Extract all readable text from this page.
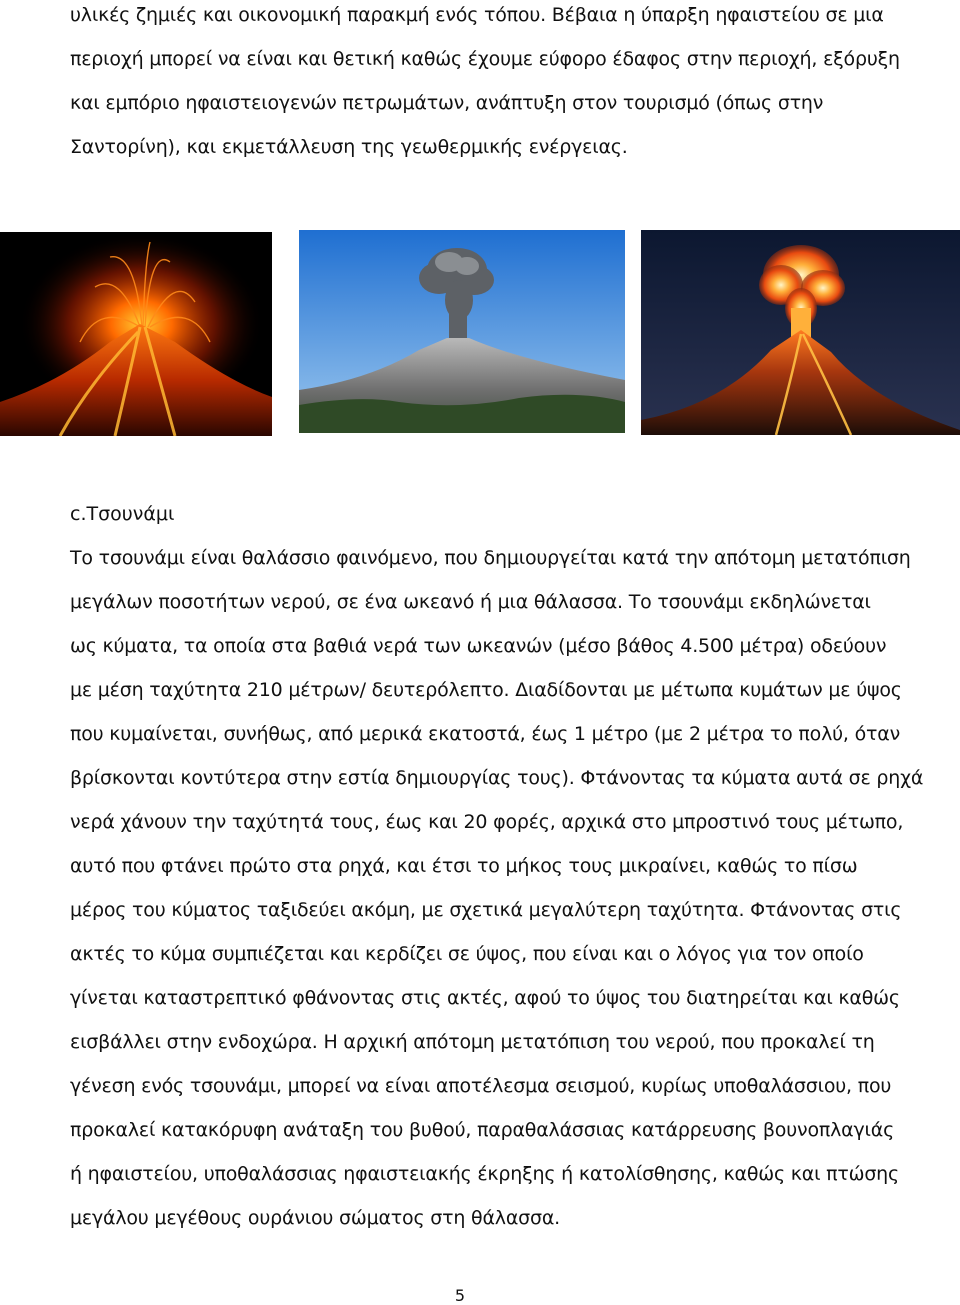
υλικές ζημιές και οικονομική παρακμή ενός τόπου. Βέβαια η ύπαρξη ηφαιστείου σε μια
περιοχή μπορεί να είναι και θετική καθώς έχουμε εύφορο έδαφος στην περιοχή, εξόρυξη
και εμπόριο ηφαιστειογενών πετρωμάτων, ανάπτυξη στον τουρισμό (όπως στην
Σαντορίνη), και εκμετάλλευση της γεωθερμικής ενέργειας.
c.Τσουνάμι
Το τσουνάμι είναι θαλάσσιο φαινόμενο, που δημιουργείται κατά την απότομη μετατόπιση
μεγάλων ποσοτήτων νερού, σε ένα ωκεανό ή μια θάλασσα. Το τσουνάμι εκδηλώνεται
ως κύματα, τα οποία στα βαθιά νερά των ωκεανών (μέσο βάθος 4.500 μέτρα) οδεύουν
με μέση ταχύτητα 210 μέτρων/ δευτερόλεπτο. Διαδίδονται με μέτωπα κυμάτων με ύψος
που κυμαίνεται, συνήθως, από μερικά εκατοστά, έως 1 μέτρο (με 2 μέτρα το πολύ, όταν
βρίσκονται κοντύτερα στην εστία δημιουργίας τους). Φτάνοντας τα κύματα αυτά σε ρηχά
νερά χάνουν την ταχύτητά τους, έως και 20 φορές, αρχικά στο μπροστινό τους μέτωπο,
αυτό που φτάνει πρώτο στα ρηχά, και έτσι το μήκος τους μικραίνει, καθώς το πίσω
μέρος του κύματος ταξιδεύει ακόμη, με σχετικά μεγαλύτερη ταχύτητα. Φτάνοντας στις
ακτές το κύμα συμπιέζεται και κερδίζει σε ύψος, που είναι και ο λόγος για τον οποίο
γίνεται καταστρεπτικό φθάνοντας στις ακτές, αφού το ύψος του διατηρείται και καθώς
εισβάλλει στην ενδοχώρα. Η αρχική απότομη μετατόπιση του νερού, που προκαλεί τη
γένεση ενός τσουνάμι, μπορεί να είναι αποτέλεσμα σεισμού, κυρίως υποθαλάσσιου, που
προκαλεί κατακόρυφη ανάταξη του βυθού, παραθαλάσσιας κατάρρευσης βουνοπλαγιάς
ή ηφαιστείου, υποθαλάσσιας ηφαιστειακής έκρηξης ή κατολίσθησης, καθώς και πτώσης
μεγάλου μεγέθους ουράνιου σώματος στη θάλασσα.
5
